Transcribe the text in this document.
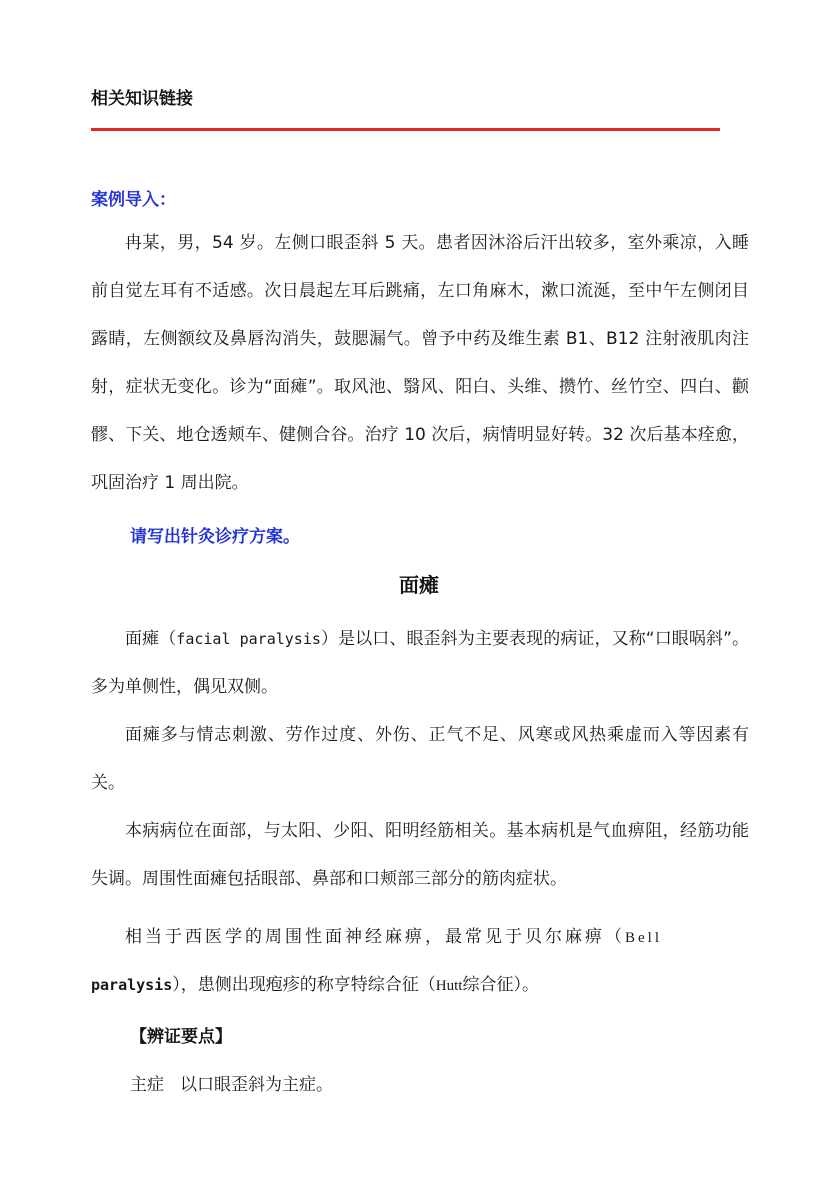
相关知识链接
案例导入：

冉某，男，54 岁。左侧口眼歪斜 5 天。患者因沐浴后汗出较多，室外乘凉，入睡前自觉左耳有不适感。次日晨起左耳后跳痛，左口角麻木，漱口流涎，至中午左侧闭目露睛，左侧额纹及鼻唇沟消失，鼓腮漏气。曾予中药及维生素 B1、B12 注射液肌肉注射，症状无变化。诊为“面瘫”。取风池、翳风、阳白、头维、攒竹、丝竹空、四白、颧髎、下关、地仓透颊车、健侧合谷。治疗 10 次后，病情明显好转。32 次后基本痊愈，巩固治疗 1 周出院。

请写出针灸诊疗方案。
面瘫

面瘫（facial paralysis）是以口、眼歪斜为主要表现的病证，又称“口眼㖞斜”。多为单侧性，偶见双侧。

面瘫多与情志刺激、劳作过度、外伤、正气不足、风寒或风热乘虚而入等因素有关。

本病病位在面部，与太阳、少阳、阳明经筋相关。基本病机是气血痹阻，经筋功能失调。周围性面瘫包括眼部、鼻部和口颊部三部分的筋肉症状。

相当于西医学的周围性面神经麻痹，最常见于贝尔麻痹（Bell

paralysis），患侧出现疱疹的称亨特综合征（Hutt综合征）。

【辨证要点】
主症 以口眼歪斜为主症。
